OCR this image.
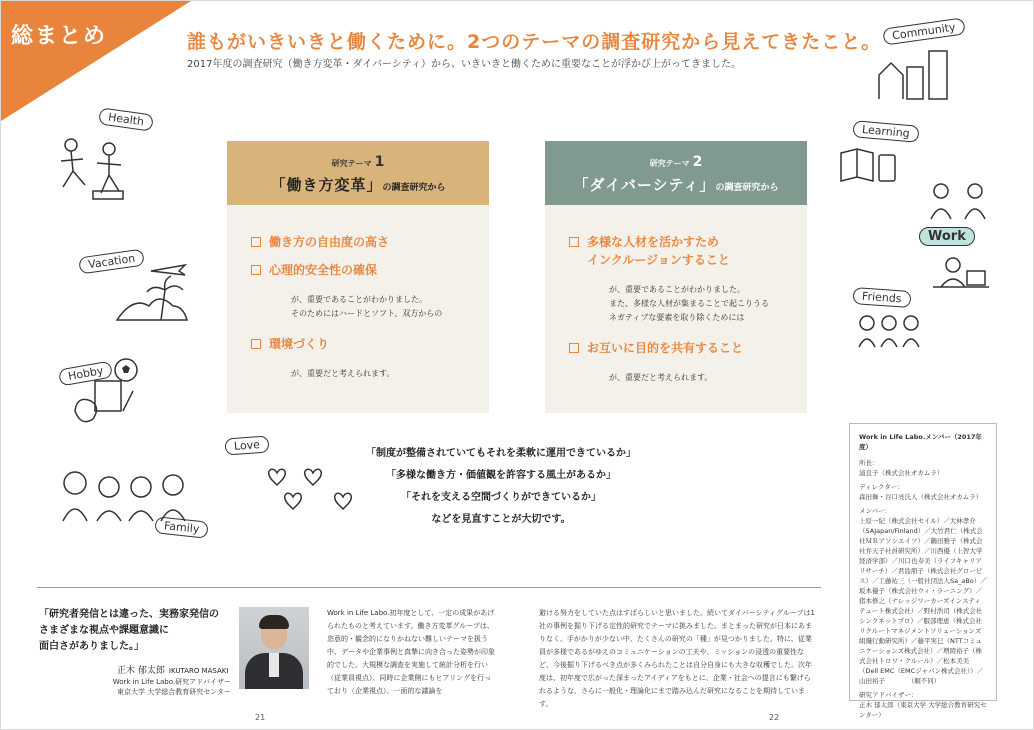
総まとめ	誰もがいきいきと働くために。2つのテーマの調査研究から見えてきたこと。
2017年度の調査研究（働き方変革・ダイバーシティ）から、いきいきと働くために重要なことが浮かび上がってきました。
研究テーマ 1
「働き方変革」の調査研究から
働き方の自由度の高さ
心理的安全性の確保
が、重要であることがわかりました。
そのためにはハードとソフト、双方からの
環境づくり
が、重要だと考えられます。
研究テーマ 2
「ダイバーシティ」の調査研究から
多様な人材を活かすため
インクルージョンすること
が、重要であることがわかりました。
また、多様な人材が集まることで起こりうる
ネガティブな要素を取り除くためには
お互いに目的を共有すること
が、重要だと考えられます。
「制度が整備されていてもそれを柔軟に運用できているか」
「多様な働き方・価値観を許容する風土があるか」
「それを支える空間づくりができているか」
などを見直すことが大切です。
「研究者発信とは違った、実務家発信の
さまざまな視点や課題意識に
面白さがありました。」
正木 郁太郎 IKUTARO MASAKI
Work in Life Labo.研究アドバイザー
東京大学 大学総合教育研究センター
Work in Life Labo.初年度として、一定の成果があげられたものと考えています。働き方変革グループは、恣意的・観念的になりかねない難しいテーマを扱う中、データや企業事例と真摯に向き合った姿勢が印象的でした。大規模な調査を実施して統計分析を行い（従業員視点）、同時に企業側にもヒアリングを行っており（企業視点）、一面的な議論を
避ける努力をしていた点はすばらしいと思いました。続いてダイバーシティグループは1社の事例を掘り下げる定性的研究でテーマに挑みました。まとまった研究が日本にあまりなく、手がかりが少ない中、たくさんの研究の「種」が見つかりました。特に、従業員が多様であるがゆえのコミュニケーションの工夫や、ミッションの浸透の重要性など、今後掘り下げるべき点が多くみられたことは自分自身にも大きな収穫でした。次年度は、初年度で広がった深まったアイディアをもとに、企業・社会への提言にも繋げられるような、さらに一般化・理論化にまで踏み込んだ研究になることを期待しています。
21	22
Work in Life Labo.メンバー（2017年度）
所長：
浦良子（株式会社オカムラ）
ディレクター：
森田舞・谷口亮氏人（株式会社オカムラ）
メンバー：
上原一紀（株式会社セイル）／大林孝介（SAJapan/Finland）／大竹君仁（株式会社ＭＲアソシエイツ）／鶴田雅子（株式会社弁天子社員研究所）／川西優（上智大学経済学部）／川口也寿美（ライフキャリアリサーチ）／君島朋子（株式会社グローピス）／工藤祐三（一般社団法人Sa_aBo）／坂本優子（株式会社ウィ・ラーニング）／猪本修之（ナレッジワーカーズインスティテュート株式会社）／野村浩司（株式会社シンクネットプロ）／服部理恵（株式会社リクルートマネジメントソリューションズ組織行動研究所）／藤平実巳（NTTコミュニケーションズ株式会社）／増岡裕子（株式会社トロワ・クルール）／松本美美（Dell EMC（EMCジャパン株式会社））／山田裕子　　　　（順不同）
研究アドバイザー：
正木 郁太郎（東京大学 大学総合教育研究センター）
Community
Health
Learning
Work
Vacation
Friends
Hobby
Love
Family
